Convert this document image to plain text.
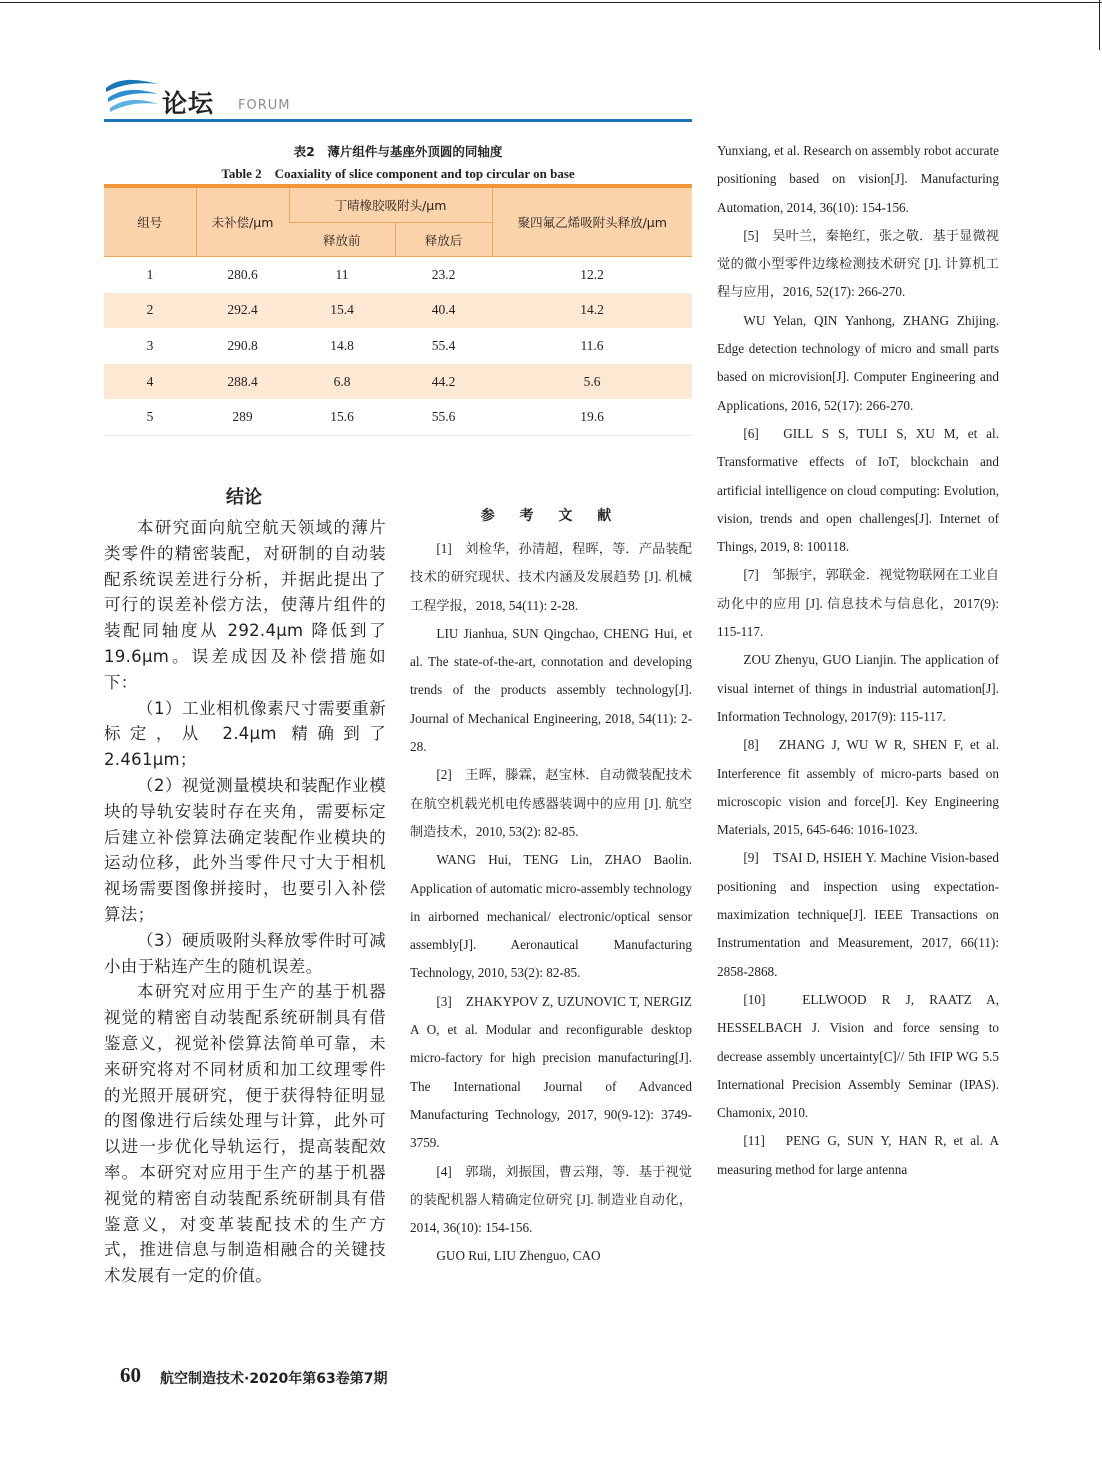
论坛 FORUM
表2　薄片组件与基座外顶圆的同轴度
Table 2　Coaxiality of slice component and top circular on base
组号	未补偿/μm	丁晴橡胶吸附头/μm		聚四氟乙烯吸附头释放/μm
		释放前	释放后	
1	280.6	11	23.2	12.2
2	292.4	15.4	40.4	14.2
3	290.8	14.8	55.4	11.6
4	288.4	6.8	44.2	5.6
5	289	15.6	55.6	19.6
结论

本研究面向航空航天领域的薄片类零件的精密装配，对研制的自动装配系统误差进行分析，并据此提出了可行的误差补偿方法，使薄片组件的装配同轴度从 292.4μm 降低到了 19.6μm。误差成因及补偿措施如下：

（1）工业相机像素尺寸需要重新标定，从 2.4μm 精确到了 2.461μm；

（2）视觉测量模块和装配作业模块的导轨安装时存在夹角，需要标定后建立补偿算法确定装配作业模块的运动位移，此外当零件尺寸大于相机视场需要图像拼接时，也要引入补偿算法；

（3）硬质吸附头释放零件时可减小由于粘连产生的随机误差。

本研究对应用于生产的基于机器视觉的精密自动装配系统研制具有借鉴意义，视觉补偿算法简单可靠，未来研究将对不同材质和加工纹理零件的光照开展研究，便于获得特征明显的图像进行后续处理与计算，此外可以进一步优化导轨运行，提高装配效率。本研究对应用于生产的基于机器视觉的精密自动装配系统研制具有借鉴意义，对变革装配技术的生产方式，推进信息与制造相融合的关键技术发展有一定的价值。

参 考 文 献

[1]　刘检华，孙清超，程晖，等．产品装配技术的研究现状、技术内涵及发展趋势 [J]. 机械工程学报，2018, 54(11): 2-28.

LIU Jianhua, SUN Qingchao, CHENG Hui, et al. The state-of-the-art, connotation and developing trends of the products assembly technology[J]. Journal of Mechanical Engineering, 2018, 54(11): 2-28.

[2]　王晖，滕霖，赵宝林．自动微装配技术在航空机载光机电传感器装调中的应用 [J]. 航空制造技术，2010, 53(2): 82-85.

WANG Hui, TENG Lin, ZHAO Baolin. Application of automatic micro-assembly technology in airborned mechanical/ electronic/optical sensor assembly[J]. Aeronautical Manufacturing Technology, 2010, 53(2): 82-85.

[3]　ZHAKYPOV Z, UZUNOVIC T, NERGIZ A O, et al. Modular and reconfigurable desktop micro-factory for high precision manufacturing[J]. The International Journal of Advanced Manufacturing Technology, 2017, 90(9-12): 3749-3759.

[4]　郭瑞，刘振国，曹云翔，等．基于视觉的装配机器人精确定位研究 [J]. 制造业自动化，2014, 36(10): 154-156.

GUO Rui, LIU Zhenguo, CAO

Yunxiang, et al. Research on assembly robot accurate positioning based on vision[J]. Manufacturing Automation, 2014, 36(10): 154-156.

[5]　吴叶兰，秦艳红，张之敬．基于显微视觉的微小型零件边缘检测技术研究 [J]. 计算机工程与应用，2016, 52(17): 266-270.

WU Yelan, QIN Yanhong, ZHANG Zhijing. Edge detection technology of micro and small parts based on microvision[J]. Computer Engineering and Applications, 2016, 52(17): 266-270.

[6]　GILL S S, TULI S, XU M, et al. Transformative effects of IoT, blockchain and artificial intelligence on cloud computing: Evolution, vision, trends and open challenges[J]. Internet of Things, 2019, 8: 100118.

[7]　邹振宇，郭联金．视觉物联网在工业自动化中的应用 [J]. 信息技术与信息化，2017(9): 115-117.

ZOU Zhenyu, GUO Lianjin. The application of visual internet of things in industrial automation[J]. Information Technology, 2017(9): 115-117.

[8]　ZHANG J, WU W R, SHEN F, et al. Interference fit assembly of micro-parts based on microscopic vision and force[J]. Key Engineering Materials, 2015, 645-646: 1016-1023.

[9]　TSAI D, HSIEH Y. Machine Vision-based positioning and inspection using expectation-maximization technique[J]. IEEE Transactions on Instrumentation and Measurement, 2017, 66(11): 2858-2868.

[10]　ELLWOOD R J, RAATZ A, HESSELBACH J. Vision and force sensing to decrease assembly uncertainty[C]// 5th IFIP WG 5.5 International Precision Assembly Seminar (IPAS). Chamonix, 2010.

[11]　PENG G, SUN Y, HAN R, et al. A measuring method for large antenna

60 航空制造技术·2020年第63卷第7期
